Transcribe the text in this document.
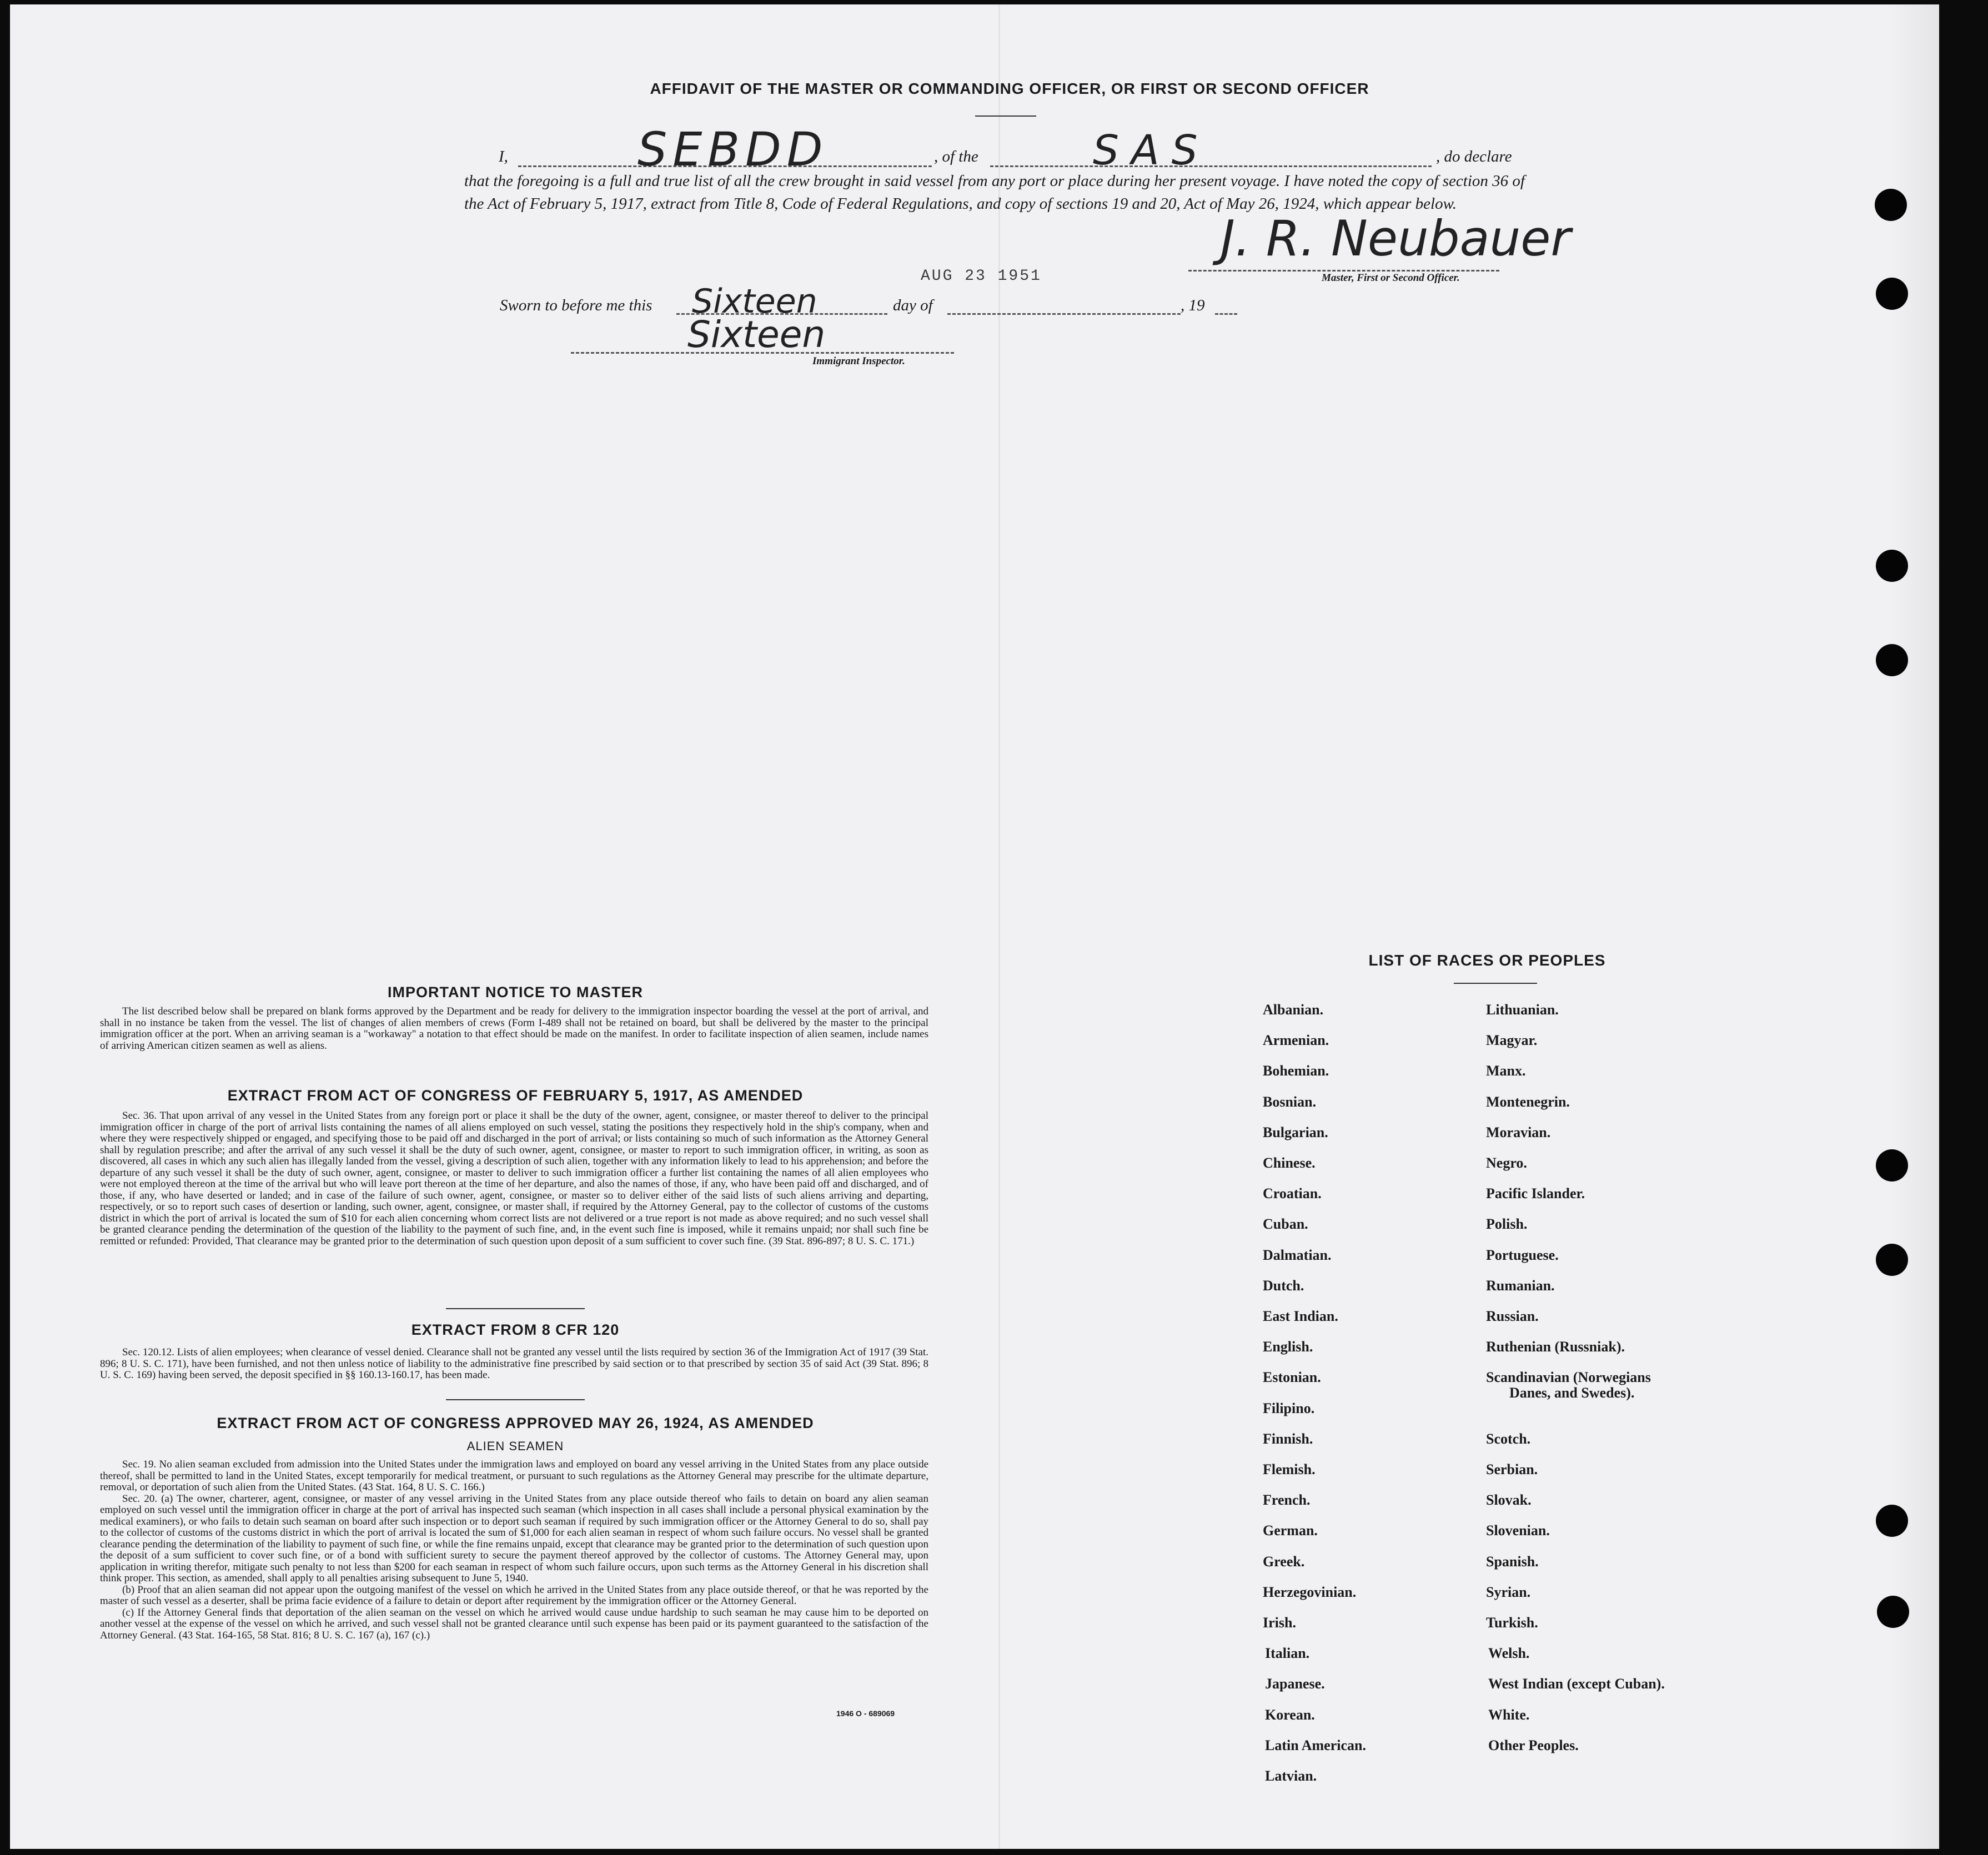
AFFIDAVIT OF THE MASTER OR COMMANDING OFFICER, OR FIRST OR SECOND OFFICER
I,	SEBDD	, of the	SAS	, do declare
that the foregoing is a full and true list of all the crew brought in said vessel from any port or place during her present voyage. I have noted the copy of section 36 of the Act of February 5, 1917, extract from Title 8, Code of Federal Regulations, and copy of sections 19 and 20, Act of May 26, 1924, which appear below.
AUG 23 1951
J. R. Neubauer
Master, First or Second Officer.
Sworn to before me this Sixteen	day of	, 19
Sixteen
Immigrant Inspector.
IMPORTANT NOTICE TO MASTER

The list described below shall be prepared on blank forms approved by the Department and be ready for delivery to the immigration inspector boarding the vessel at the port of arrival, and shall in no instance be taken from the vessel. The list of changes of alien members of crews (Form I-489 shall not be retained on board, but shall be delivered by the master to the principal immigration officer at the port. When an arriving seaman is a "workaway" a notation to that effect should be made on the manifest. In order to facilitate inspection of alien seamen, include names of arriving American citizen seamen as well as aliens.

EXTRACT FROM ACT OF CONGRESS OF FEBRUARY 5, 1917, AS AMENDED

Sec. 36. That upon arrival of any vessel in the United States from any foreign port or place it shall be the duty of the owner, agent, consignee, or master thereof to deliver to the principal immigration officer in charge of the port of arrival lists containing the names of all aliens employed on such vessel, stating the positions they respectively hold in the ship's company, when and where they were respectively shipped or engaged, and specifying those to be paid off and discharged in the port of arrival; or lists containing so much of such information as the Attorney General shall by regulation prescribe; and after the arrival of any such vessel it shall be the duty of such owner, agent, consignee, or master to report to such immigration officer, in writing, as soon as discovered, all cases in which any such alien has illegally landed from the vessel, giving a description of such alien, together with any information likely to lead to his apprehension; and before the departure of any such vessel it shall be the duty of such owner, agent, consignee, or master to deliver to such immigration officer a further list containing the names of all alien employees who were not employed thereon at the time of the arrival but who will leave port thereon at the time of her departure, and also the names of those, if any, who have been paid off and discharged, and of those, if any, who have deserted or landed; and in case of the failure of such owner, agent, consignee, or master so to deliver either of the said lists of such aliens arriving and departing, respectively, or so to report such cases of desertion or landing, such owner, agent, consignee, or master shall, if required by the Attorney General, pay to the collector of customs of the customs district in which the port of arrival is located the sum of $10 for each alien concerning whom correct lists are not delivered or a true report is not made as above required; and no such vessel shall be granted clearance pending the determination of the question of the liability to the payment of such fine, and, in the event such fine is imposed, while it remains unpaid; nor shall such fine be remitted or refunded: Provided, That clearance may be granted prior to the determination of such question upon deposit of a sum sufficient to cover such fine. (39 Stat. 896-897; 8 U. S. C. 171.)

EXTRACT FROM 8 CFR 120

Sec. 120.12. Lists of alien employees; when clearance of vessel denied. Clearance shall not be granted any vessel until the lists required by section 36 of the Immigration Act of 1917 (39 Stat. 896; 8 U. S. C. 171), have been furnished, and not then unless notice of liability to the administrative fine prescribed by said section or to that prescribed by section 35 of said Act (39 Stat. 896; 8 U. S. C. 169) having been served, the deposit specified in §§ 160.13-160.17, has been made.

EXTRACT FROM ACT OF CONGRESS APPROVED MAY 26, 1924, AS AMENDED
ALIEN SEAMEN

Sec. 19. No alien seaman excluded from admission into the United States under the immigration laws and employed on board any vessel arriving in the United States from any place outside thereof, shall be permitted to land in the United States, except temporarily for medical treatment, or pursuant to such regulations as the Attorney General may prescribe for the ultimate departure, removal, or deportation of such alien from the United States. (43 Stat. 164, 8 U. S. C. 166.)

Sec. 20. (a) The owner, charterer, agent, consignee, or master of any vessel arriving in the United States from any place outside thereof who fails to detain on board any alien seaman employed on such vessel until the immigration officer in charge at the port of arrival has inspected such seaman (which inspection in all cases shall include a personal physical examination by the medical examiners), or who fails to detain such seaman on board after such inspection or to deport such seaman if required by such immigration officer or the Attorney General to do so, shall pay to the collector of customs of the customs district in which the port of arrival is located the sum of $1,000 for each alien seaman in respect of whom such failure occurs. No vessel shall be granted clearance pending the determination of the liability to payment of such fine, or while the fine remains unpaid, except that clearance may be granted prior to the determination of such question upon the deposit of a sum sufficient to cover such fine, or of a bond with sufficient surety to secure the payment thereof approved by the collector of customs. The Attorney General may, upon application in writing therefor, mitigate such penalty to not less than $200 for each seaman in respect of whom such failure occurs, upon such terms as the Attorney General in his discretion shall think proper. This section, as amended, shall apply to all penalties arising subsequent to June 5, 1940.

(b) Proof that an alien seaman did not appear upon the outgoing manifest of the vessel on which he arrived in the United States from any place outside thereof, or that he was reported by the master of such vessel as a deserter, shall be prima facie evidence of a failure to detain or deport after requirement by the immigration officer or the Attorney General.

(c) If the Attorney General finds that deportation of the alien seaman on the vessel on which he arrived would cause undue hardship to such seaman he may cause him to be deported on another vessel at the expense of the vessel on which he arrived, and such vessel shall not be granted clearance until such expense has been paid or its payment guaranteed to the satisfaction of the Attorney General. (43 Stat. 164-165, 58 Stat. 816; 8 U. S. C. 167 (a), 167 (c).)

1946 O - 689069
LIST OF RACES OR PEOPLES
Albanian.
Armenian.
Bohemian.
Bosnian.
Bulgarian.
Chinese.
Croatian.
Cuban.
Dalmatian.
Dutch.
East Indian.
English.
Estonian.
Filipino.
Finnish.
Flemish.
French.
German.
Greek.
Herzegovinian.
Irish.
Italian.
Japanese.
Korean.
Latin American.
Latvian.
Lithuanian.
Magyar.
Manx.
Montenegrin.
Moravian.
Negro.
Pacific Islander.
Polish.
Portuguese.
Rumanian.
Russian.
Ruthenian (Russniak).
Scandinavian (Norwegians
Danes, and Swedes).
Scotch.
Serbian.
Slovak.
Slovenian.
Spanish.
Syrian.
Turkish.
Welsh.
West Indian (except Cuban).
White.
Other Peoples.
